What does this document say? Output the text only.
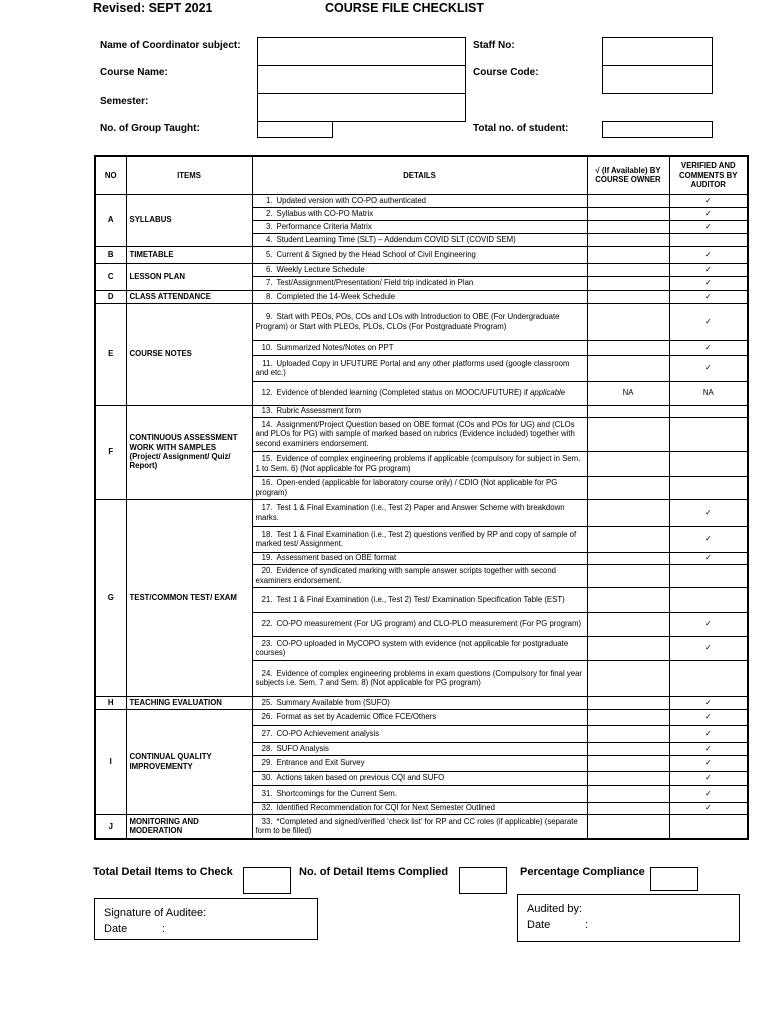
Revised: SEPT 2021	COURSE FILE CHECKLIST
Name of Coordinator subject:
Course Name:
Semester:
No. of Group Taught:
Staff No:
Course Code:
Total no. of student:
NO	ITEMS	DETAILS	√ (If Available) BY COURSE OWNER	VERIFIED AND COMMENTS BY AUDITOR
A	SYLLABUS	1. Updated version with CO-PO authenticated		✓
		2. Syllabus with CO-PO Matrix		✓
		3. Performance Criteria Matrix		✓
		4. Student Learning Time (SLT) – Addendum COVID SLT (COVID SEM)		
B	TIMETABLE	5. Current & Signed by the Head School of Civil Engineering		✓
C	LESSON PLAN	6. Weekly Lecture Schedule		✓
		7. Test/Assignment/Presentation/ Field trip indicated in Plan		✓
D	CLASS ATTENDANCE	8. Completed the 14-Week Schedule		✓
E	COURSE NOTES	9. Start with PEOs, POs, COs and LOs with Introduction to OBE (For Undergraduate Program) or Start with PLEOs, PLOs, CLOs (For Postgraduate Program)		✓
		10. Summarized Notes/Notes on PPT		✓
		11. Uploaded Copy in UFUTURE Portal and any other platforms used (google classroom and etc.)		✓
		12. Evidence of blended learning (Completed status on MOOC/UFUTURE) if applicable	NA	NA
F	CONTINUOUS ASSESSMENT WORK WITH SAMPLES (Project/ Assignment/ Quiz/ Report)	13. Rubric Assessment form		
		14. Assignment/Project Question based on OBE format (COs and POs for UG) and (CLOs and PLOs for PG) with sample of marked based on rubrics (Evidence included) together with second examiners endorsement.		
		15. Evidence of complex engineering problems if applicable (compulsory for subject in Sem. 1 to Sem. 6) (Not applicable for PG program)		
		16. Open-ended (applicable for laboratory course only) / CDIO (Not applicable for PG program)		
G	TEST/COMMON TEST/ EXAM	17. Test 1 & Final Examination (i.e., Test 2) Paper and Answer Scheme with breakdown marks.		✓
		18. Test 1 & Final Examination (i.e., Test 2) questions verified by RP and copy of sample of marked test/ Assignment.		✓
		19. Assessment based on OBE format		✓
		20. Evidence of syndicated marking with sample answer scripts together with second examiners endorsement.		
		21. Test 1 & Final Examination (i.e., Test 2) Test/ Examination Specification Table (EST)		
		22. CO-PO measurement (For UG program) and CLO-PLO measurement (For PG program)		✓
		23. CO-PO uploaded in MyCOPO system with evidence (not applicable for postgraduate courses)		✓
		24. Evidence of complex engineering problems in exam questions (Compulsory for final year subjects i.e. Sem. 7 and Sem. 8) (Not applicable for PG program)		
H	TEACHING EVALUATION	25. Summary Available from (SUFO)		✓
I	CONTINUAL QUALITY IMPROVEMENTY	26. Format as set by Academic Office FCE/Others		✓
		27. CO-PO Achievement analysis		✓
		28. SUFO Analysis		✓
		29. Entrance and Exit Survey		✓
		30. Actions taken based on previous CQI and SUFO		✓
		31. Shortcomings for the Current Sem.		✓
		32. Identified Recommendation for CQI for Next Semester Outlined		✓
J	MONITORING AND MODERATION	33. *Completed and signed/verified ‘check list’ for RP and CC roles (if applicable) (separate form to be filled)		
Total Detail Items to Check	No. of Detail Items Complied	Percentage Compliance
Signature of Auditee:
Date	:
Audited by:
Date	:
